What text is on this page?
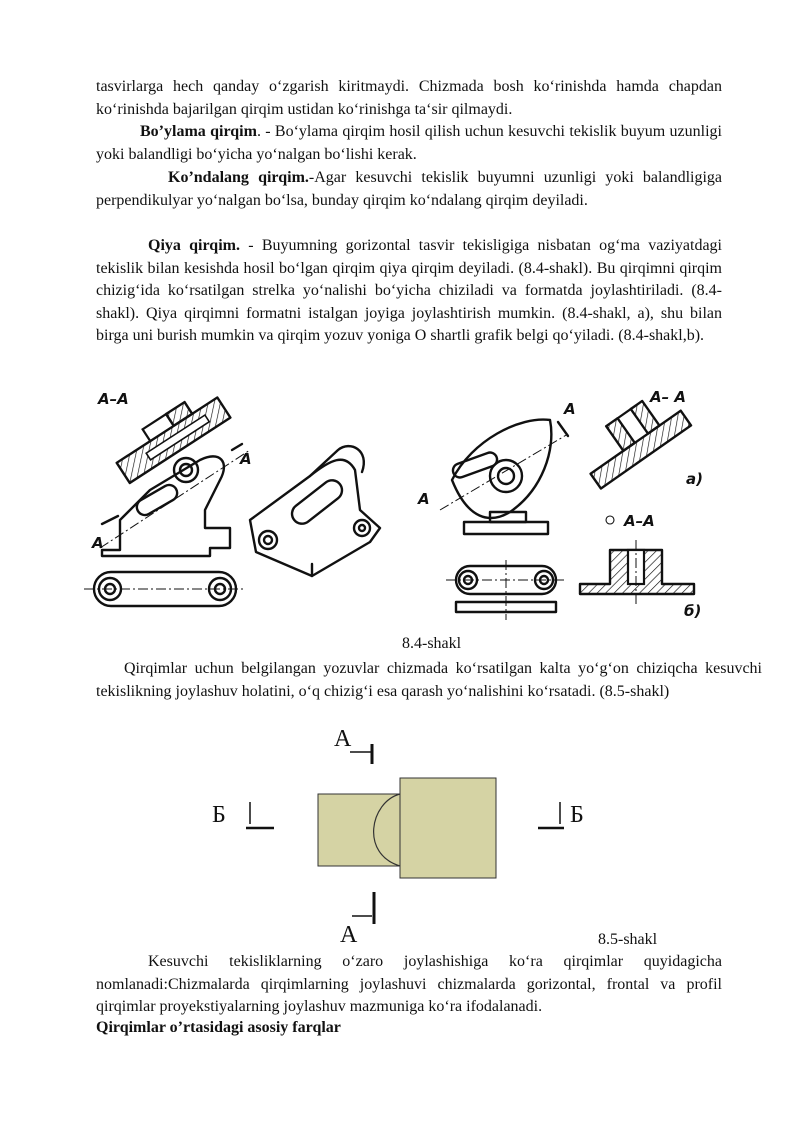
tasvirlarga hech qanday o‘zgarish kiritmaydi. Chizmada bosh ko‘rinishda hamda chapdan ko‘rinishda bajarilgan qirqim ustidan ko‘rinishga ta‘sir qilmaydi.

Bo’ylama qirqim. - Bo‘ylama qirqim hosil qilish uchun kesuvchi tekislik buyum uzunligi yoki balandligi bo‘yicha yo‘nalgan bo‘lishi kerak.

Ko’ndalang qirqim.-Agar kesuvchi tekislik buyumni uzunligi yoki balandligiga perpendikulyar yo‘nalgan bo‘lsa, bunday qirqim ko‘ndalang qirqim deyiladi.

Qiya qirqim. - Buyumning gorizontal tasvir tekisligiga nisbatan og‘ma vaziyatdagi tekislik bilan kesishda hosil bo‘lgan qirqim qiya qirqim deyiladi. (8.4-shakl). Bu qirqimni qirqim chizig‘ida ko‘rsatilgan strelka yo‘nalishi bo‘yicha chiziladi va formatda joylashtiriladi. (8.4-shakl). Qiya qirqimni formatni istalgan joyiga joylashtirish mumkin. (8.4-shakl, a), shu bilan birga uni burish mumkin va qirqim yozuv yoniga O shartli grafik belgi qo‘yiladi. (8.4-shakl,b).

A–A
A
A
A
A
A– A
а)
A–A
б)
8.4-shakl

Qirqimlar uchun belgilangan yozuvlar chizmada ko‘rsatilgan kalta yo‘g‘on chiziqcha kesuvchi tekislikning joylashuv holatini, o‘q chizig‘i esa qarash yo‘nalishini ko‘rsatadi. (8.5-shakl)

A
Б	Б
A	8.5-shakl

Kesuvchi tekisliklarning o‘zaro joylashishiga ko‘ra qirqimlar quyidagicha nomlanadi:Chizmalarda qirqimlarning joylashuvi chizmalarda gorizontal, frontal va profil qirqimlar proyekstiyalarning joylashuv mazmuniga ko‘ra ifodalanadi.

Qirqimlar o’rtasidagi asosiy farqlar
